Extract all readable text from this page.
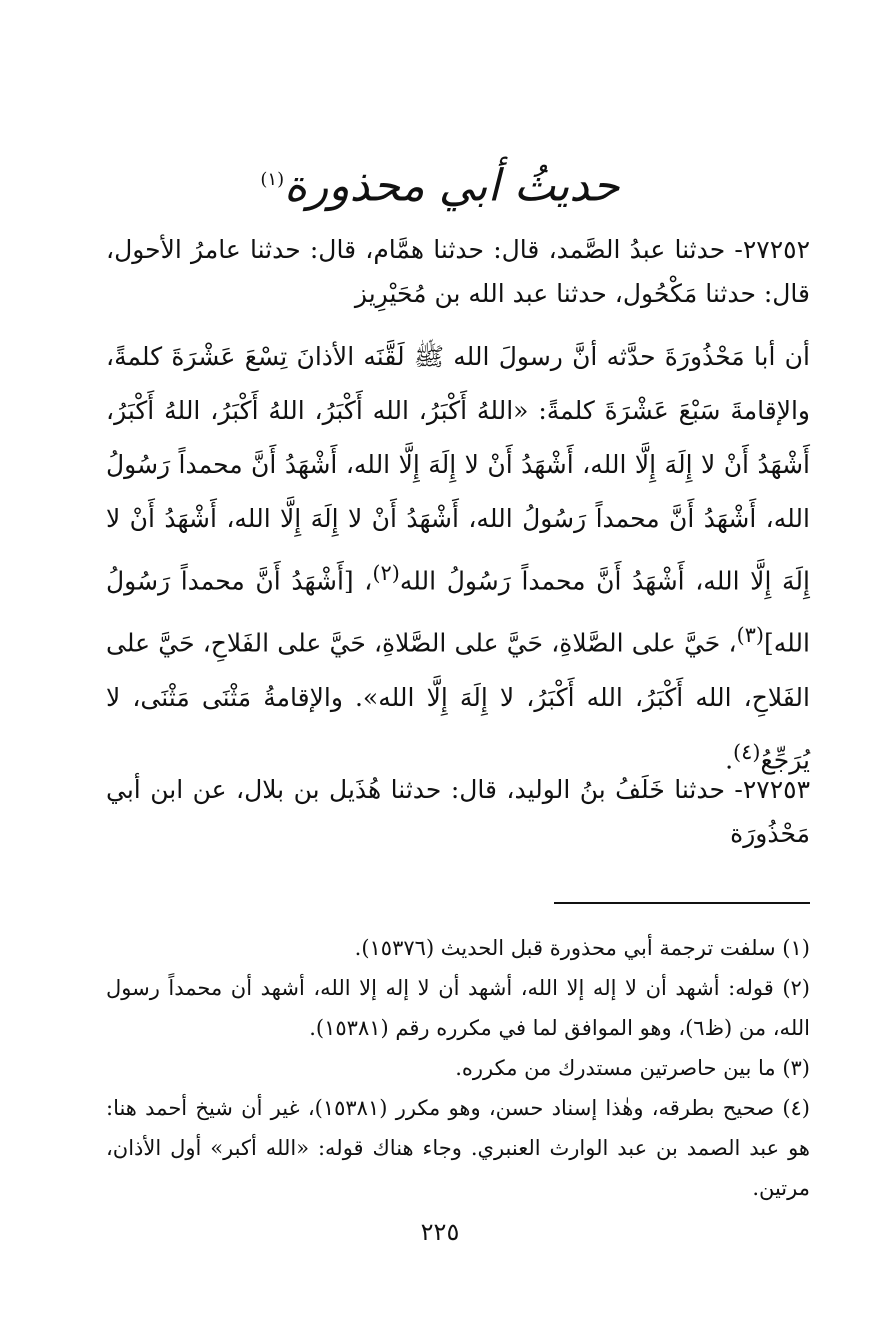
حديثُ أبي محذورة$^{(١)}$
٢٧٢٥٢- حدثنا عبدُ الصَّمد، قال: حدثنا همَّام، قال: حدثنا عامرُ الأحول، قال: حدثنا مَكْحُول، حدثنا عبد الله بن مُحَيْرِيز
أن أبا مَحْذُورَةَ حدَّثه أنَّ رسولَ الله ﷺ لَقَّنَه الأذانَ تِسْعَ عَشْرَةَ كلمةً، والإقامةَ سَبْعَ عَشْرَةَ كلمةً: «اللهُ أَكْبَرُ، الله أَكْبَرُ، اللهُ أَكْبَرُ، اللهُ أَكْبَرُ، أَشْهَدُ أَنْ لا إِلَهَ إِلَّا الله، أَشْهَدُ أَنْ لا إِلَهَ إِلَّا الله، أَشْهَدُ أَنَّ محمداً رَسُولُ الله، أَشْهَدُ أَنَّ محمداً رَسُولُ الله، أَشْهَدُ أَنْ لا إِلَهَ إِلَّا الله، أَشْهَدُ أَنْ لا إِلَهَ إِلَّا الله، أَشْهَدُ أَنَّ محمداً رَسُولُ الله$^{(٢)}$، [أَشْهَدُ أَنَّ محمداً رَسُولُ الله]$^{(٣)}$، حَيَّ على الصَّلاةِ، حَيَّ على الصَّلاةِ، حَيَّ على الفَلاحِ، حَيَّ على الفَلاحِ، الله أَكْبَرُ، الله أَكْبَرُ، لا إِلَهَ إِلَّا الله». والإقامةُ مَثْنَى مَثْنَى، لا يُرَجِّعُ$^{(٤)}$.
٢٧٢٥٣- حدثنا خَلَفُ بنُ الوليد، قال: حدثنا هُذَيل بن بلال، عن ابن أبي مَحْذُورَة
(١) سلفت ترجمة أبي محذورة قبل الحديث (١٥٣٧٦).
(٢) قوله: أشهد أن لا إله إلا الله، أشهد أن لا إله إلا الله، أشهد أن محمداً رسول الله، من (ظ٦)، وهو الموافق لما في مكرره رقم (١٥٣٨١).
(٣) ما بين حاصرتين مستدرك من مكرره.
(٤) صحيح بطرقه، وهٰذا إسناد حسن، وهو مكرر (١٥٣٨١)، غير أن شيخ أحمد هنا: هو عبد الصمد بن عبد الوارث العنبري. وجاء هناك قوله: «الله أكبر» أول الأذان، مرتين.
٢٢٥
